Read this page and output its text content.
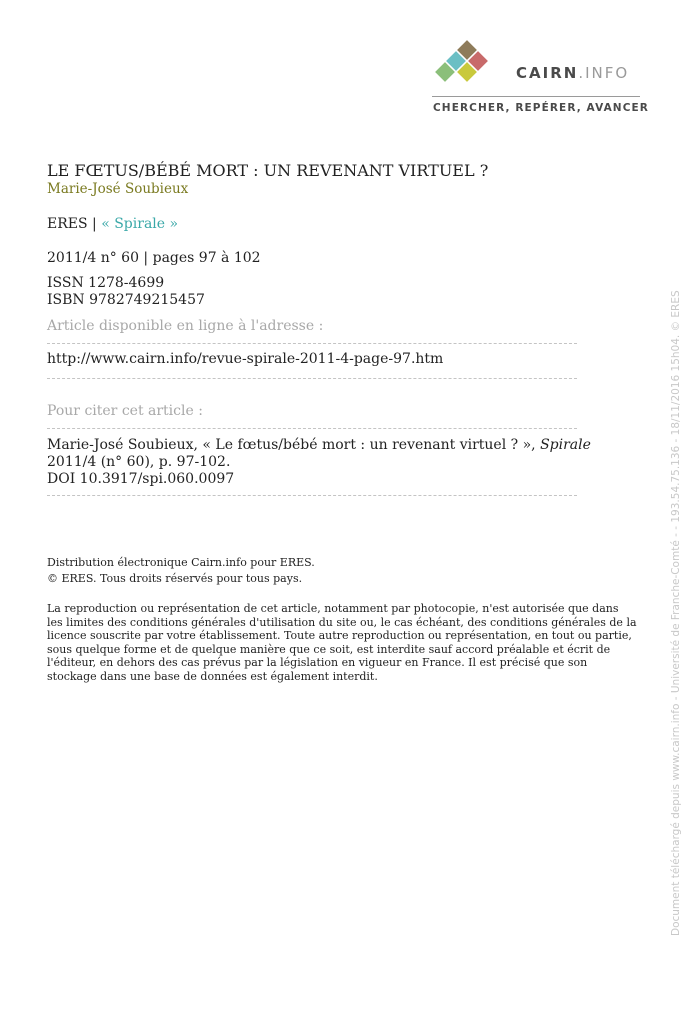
CAIRN.INFO
CHERCHER, REPÉRER, AVANCER
LE FŒTUS/BÉBÉ MORT : UN REVENANT VIRTUEL ?
Marie-José Soubieux
ERES | « Spirale »
2011/4 n° 60 | pages 97 à 102
ISSN 1278-4699
ISBN 9782749215457
Article disponible en ligne à l'adresse :
http://www.cairn.info/revue-spirale-2011-4-page-97.htm
Pour citer cet article :
Marie-José Soubieux, « Le fœtus/bébé mort : un revenant virtuel ? », Spirale 2011/4 (n° 60), p. 97-102.
DOI 10.3917/spi.060.0097
Distribution électronique Cairn.info pour ERES.
© ERES. Tous droits réservés pour tous pays.
La reproduction ou représentation de cet article, notamment par photocopie, n'est autorisée que dans les limites des conditions générales d'utilisation du site ou, le cas échéant, des conditions générales de la licence souscrite par votre établissement. Toute autre reproduction ou représentation, en tout ou partie, sous quelque forme et de quelque manière que ce soit, est interdite sauf accord préalable et écrit de l'éditeur, en dehors des cas prévus par la législation en vigueur en France. Il est précisé que son stockage dans une base de données est également interdit.	Document téléchargé depuis www.cairn.info - Université de Franche-Comté - - 193.54.75.136 - 18/11/2016 15h04. © ERES
